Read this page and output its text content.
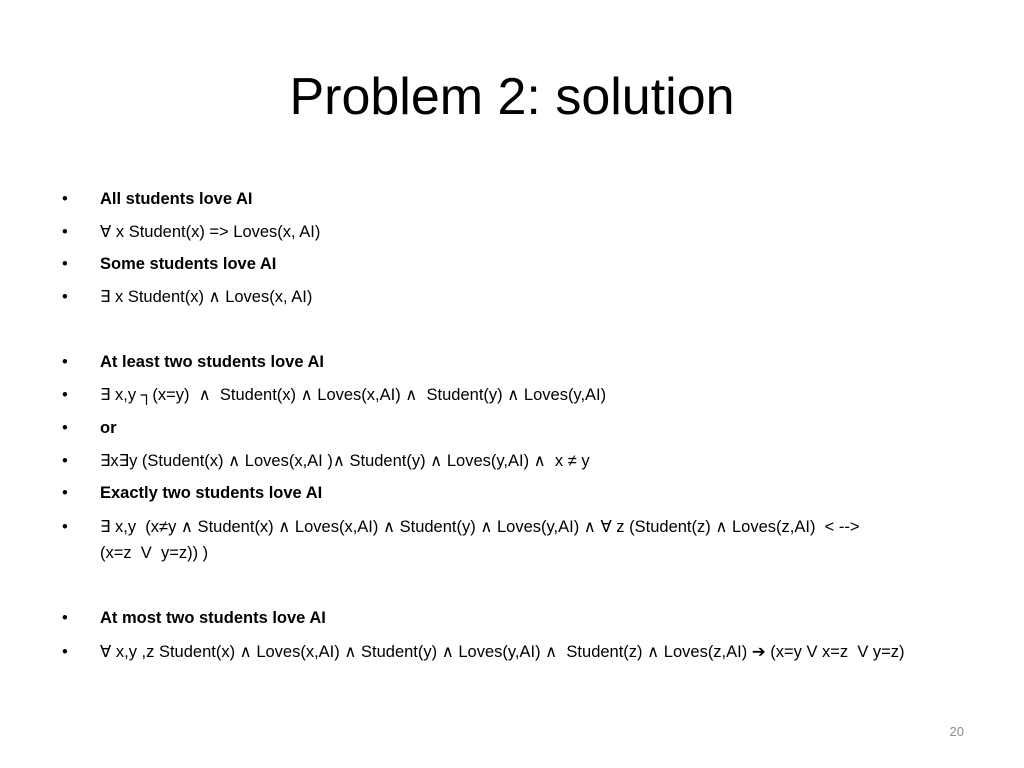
Problem 2: solution
•	All students love AI
•	∀ x Student(x) => Loves(x, AI)
•	Some students love AI
•	∃ x Student(x) ∧ Loves(x, AI)
•	At least two students love AI
•	∃ x,y ┐(x=y)  ∧  Student(x) ∧ Loves(x,AI) ∧  Student(y) ∧ Loves(y,AI)
•	or
•	∃x∃y (Student(x) ∧ Loves(x,AI )∧ Student(y) ∧ Loves(y,AI) ∧  x ≠ y
•	Exactly two students love AI
•	∃ x,y  (x≠y ∧ Student(x) ∧ Loves(x,AI) ∧ Student(y) ∧ Loves(y,AI) ∧ ∀ z (Student(z) ∧ Loves(z,AI)  < --> (x=z  V  y=z)) )
•	At most two students love AI
•	∀ x,y ,z Student(x) ∧ Loves(x,AI) ∧ Student(y) ∧ Loves(y,AI) ∧  Student(z) ∧ Loves(z,AI) ➔ (x=y V x=z  V y=z)
20
